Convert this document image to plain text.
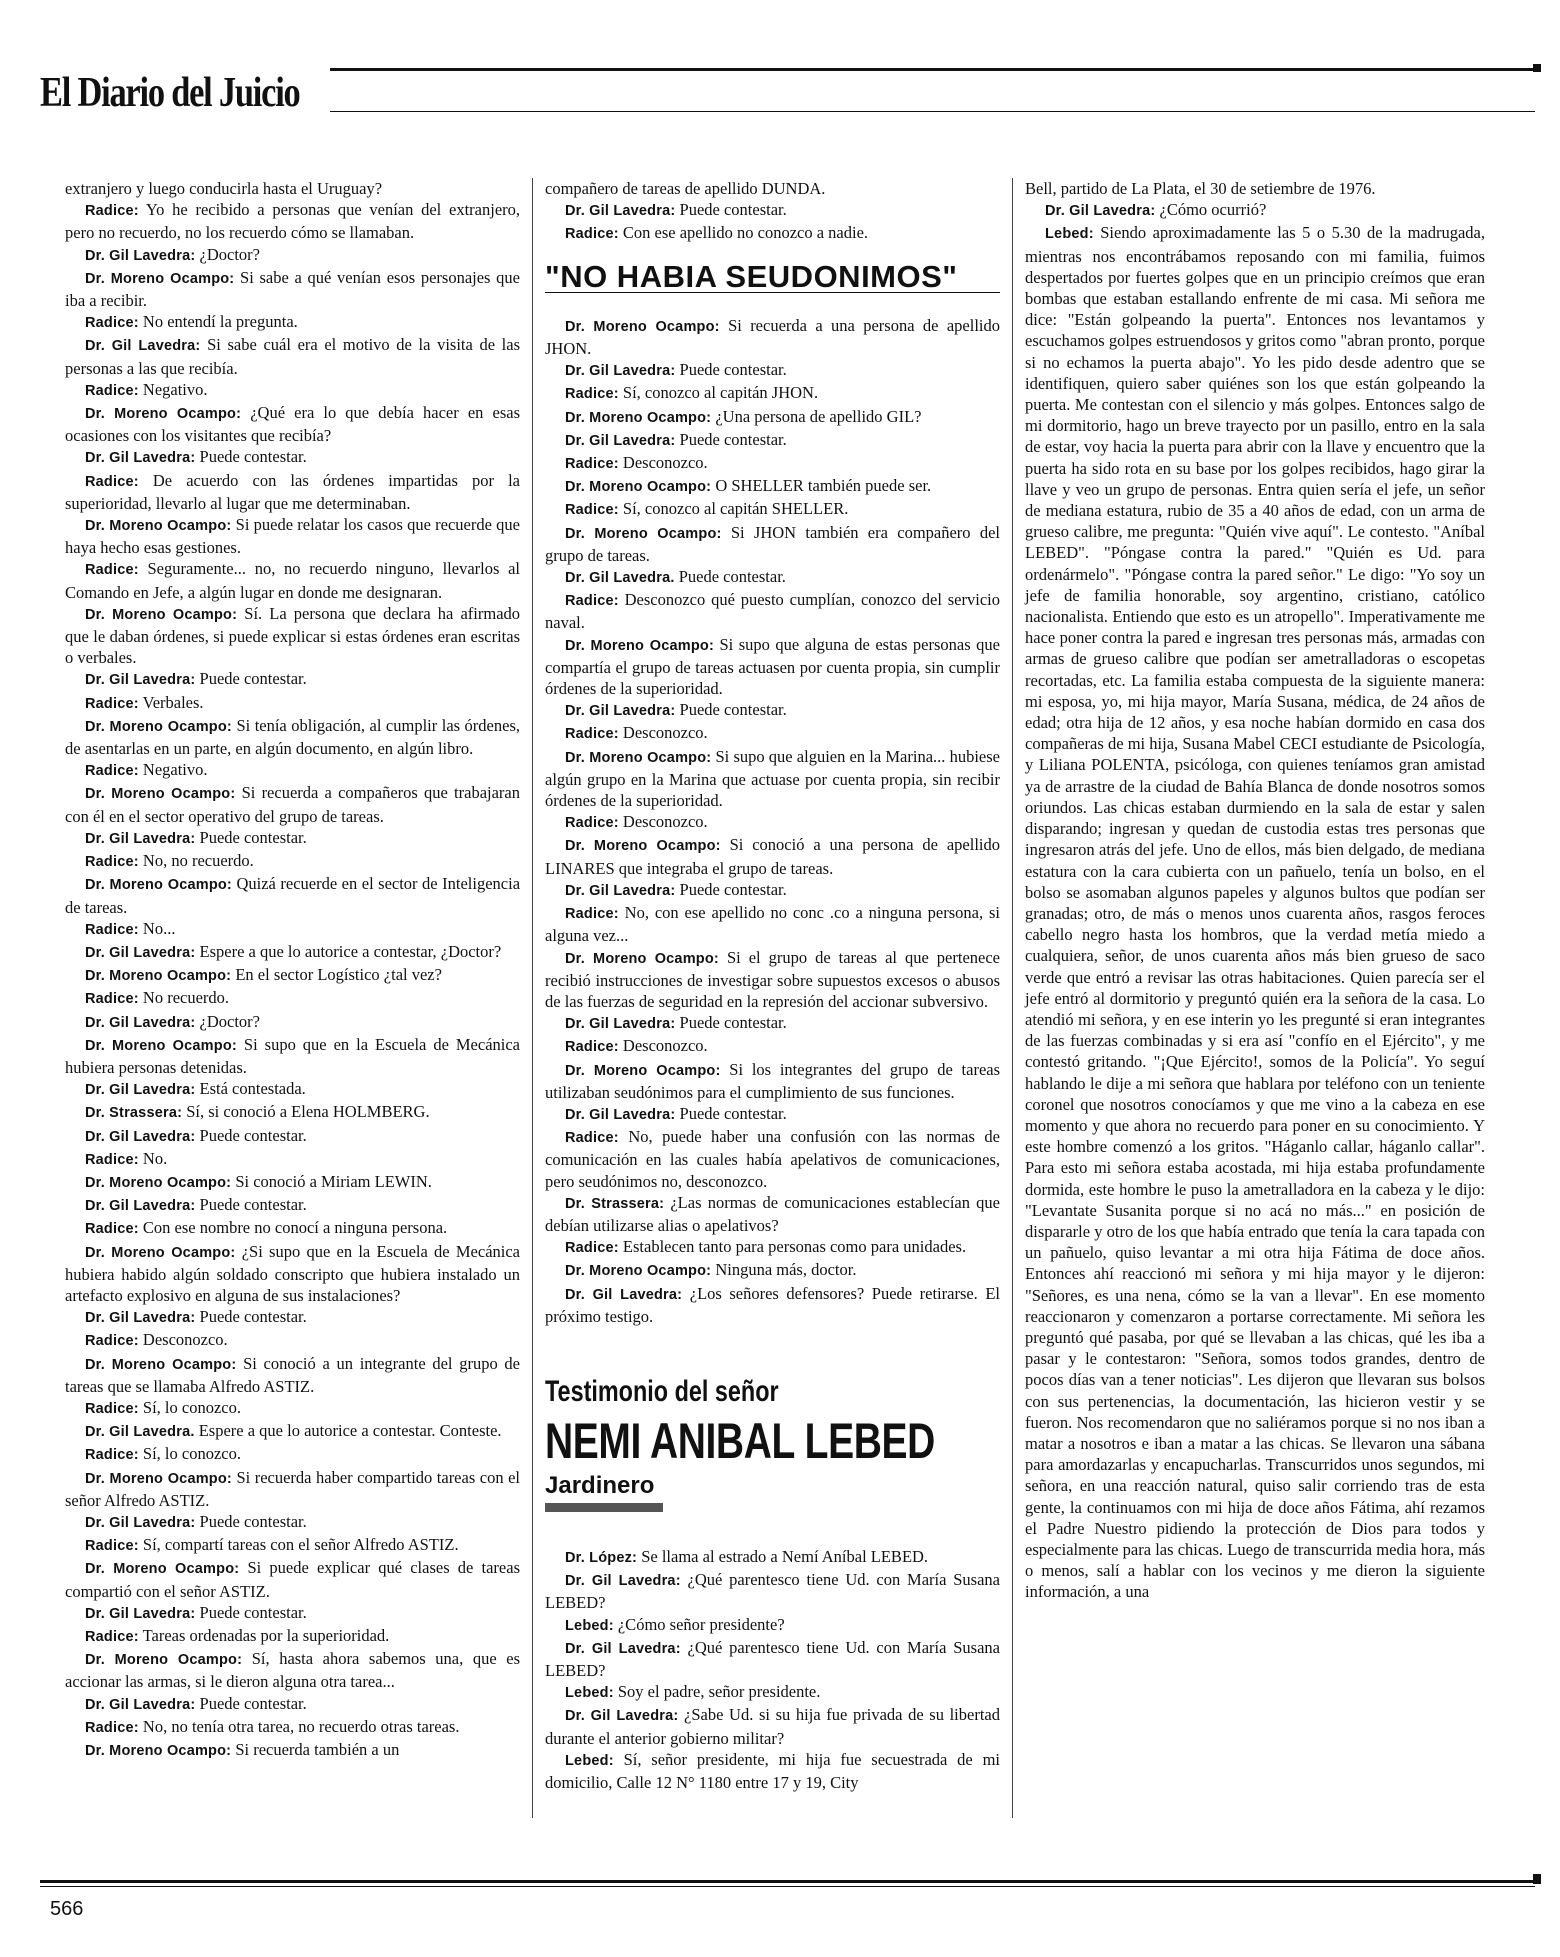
El Diario del Juicio

extranjero y luego conducirla hasta el Uruguay?

Radice: Yo he recibido a personas que venían del extranjero, pero no recuerdo, no los recuerdo cómo se llamaban.

Dr. Gil Lavedra: ¿Doctor?

Dr. Moreno Ocampo: Si sabe a qué venían esos personajes que iba a recibir.

Radice: No entendí la pregunta.

Dr. Gil Lavedra: Si sabe cuál era el motivo de la visita de las personas a las que recibía.

Radice: Negativo.

Dr. Moreno Ocampo: ¿Qué era lo que debía hacer en esas ocasiones con los visitantes que recibía?

Dr. Gil Lavedra: Puede contestar.

Radice: De acuerdo con las órdenes impartidas por la superioridad, llevarlo al lugar que me determinaban.

Dr. Moreno Ocampo: Si puede relatar los casos que recuerde que haya hecho esas gestiones.

Radice: Seguramente... no, no recuerdo ninguno, llevarlos al Comando en Jefe, a algún lugar en donde me designaran.

Dr. Moreno Ocampo: Sí. La persona que declara ha afirmado que le daban órdenes, si puede explicar si estas órdenes eran escritas o verbales.

Dr. Gil Lavedra: Puede contestar.

Radice: Verbales.

Dr. Moreno Ocampo: Si tenía obligación, al cumplir las órdenes, de asentarlas en un parte, en algún documento, en algún libro.

Radice: Negativo.

Dr. Moreno Ocampo: Si recuerda a compañeros que trabajaran con él en el sector operativo del grupo de tareas.

Dr. Gil Lavedra: Puede contestar.

Radice: No, no recuerdo.

Dr. Moreno Ocampo: Quizá recuerde en el sector de Inteligencia de tareas.

Radice: No...

Dr. Gil Lavedra: Espere a que lo autorice a contestar, ¿Doctor?

Dr. Moreno Ocampo: En el sector Logístico ¿tal vez?

Radice: No recuerdo.

Dr. Gil Lavedra: ¿Doctor?

Dr. Moreno Ocampo: Si supo que en la Escuela de Mecánica hubiera personas detenidas.

Dr. Gil Lavedra: Está contestada.

Dr. Strassera: Sí, si conoció a Elena HOLMBERG.

Dr. Gil Lavedra: Puede contestar.

Radice: No.

Dr. Moreno Ocampo: Si conoció a Miriam LEWIN.

Dr. Gil Lavedra: Puede contestar.

Radice: Con ese nombre no conocí a ninguna persona.

Dr. Moreno Ocampo: ¿Si supo que en la Escuela de Mecánica hubiera habido algún soldado conscripto que hubiera instalado un artefacto explosivo en alguna de sus instalaciones?

Dr. Gil Lavedra: Puede contestar.

Radice: Desconozco.

Dr. Moreno Ocampo: Si conoció a un integrante del grupo de tareas que se llamaba Alfredo ASTIZ.

Radice: Sí, lo conozco.

Dr. Gil Lavedra. Espere a que lo autorice a contestar. Conteste.

Radice: Sí, lo conozco.

Dr. Moreno Ocampo: Si recuerda haber compartido tareas con el señor Alfredo ASTIZ.

Dr. Gil Lavedra: Puede contestar.

Radice: Sí, compartí tareas con el señor Alfredo ASTIZ.

Dr. Moreno Ocampo: Si puede explicar qué clases de tareas compartió con el señor ASTIZ.

Dr. Gil Lavedra: Puede contestar.

Radice: Tareas ordenadas por la superioridad.

Dr. Moreno Ocampo: Sí, hasta ahora sabemos una, que es accionar las armas, si le dieron alguna otra tarea...

Dr. Gil Lavedra: Puede contestar.

Radice: No, no tenía otra tarea, no recuerdo otras tareas.

Dr. Moreno Ocampo: Si recuerda también a un

compañero de tareas de apellido DUNDA.

Dr. Gil Lavedra: Puede contestar.

Radice: Con ese apellido no conozco a nadie.

"NO HABIA SEUDONIMOS"

Dr. Moreno Ocampo: Si recuerda a una persona de apellido JHON.

Dr. Gil Lavedra: Puede contestar.

Radice: Sí, conozco al capitán JHON.

Dr. Moreno Ocampo: ¿Una persona de apellido GIL?

Dr. Gil Lavedra: Puede contestar.

Radice: Desconozco.

Dr. Moreno Ocampo: O SHELLER también puede ser.

Radice: Sí, conozco al capitán SHELLER.

Dr. Moreno Ocampo: Si JHON también era compañero del grupo de tareas.

Dr. Gil Lavedra. Puede contestar.

Radice: Desconozco qué puesto cumplían, conozco del servicio naval.

Dr. Moreno Ocampo: Si supo que alguna de estas personas que compartía el grupo de tareas actuasen por cuenta propia, sin cumplir órdenes de la superioridad.

Dr. Gil Lavedra: Puede contestar.

Radice: Desconozco.

Dr. Moreno Ocampo: Si supo que alguien en la Marina... hubiese algún grupo en la Marina que actuase por cuenta propia, sin recibir órdenes de la superioridad.

Radice: Desconozco.

Dr. Moreno Ocampo: Si conoció a una persona de apellido LINARES que integraba el grupo de tareas.

Dr. Gil Lavedra: Puede contestar.

Radice: No, con ese apellido no conc .co a ninguna persona, si alguna vez...

Dr. Moreno Ocampo: Si el grupo de tareas al que pertenece recibió instrucciones de investigar sobre supuestos excesos o abusos de las fuerzas de seguridad en la represión del accionar subversivo.

Dr. Gil Lavedra: Puede contestar.

Radice: Desconozco.

Dr. Moreno Ocampo: Si los integrantes del grupo de tareas utilizaban seudónimos para el cumplimiento de sus funciones.

Dr. Gil Lavedra: Puede contestar.

Radice: No, puede haber una confusión con las normas de comunicación en las cuales había apelativos de comunicaciones, pero seudónimos no, desconozco.

Dr. Strassera: ¿Las normas de comunicaciones establecían que debían utilizarse alias o apelativos?

Radice: Establecen tanto para personas como para unidades.

Dr. Moreno Ocampo: Ninguna más, doctor.

Dr. Gil Lavedra: ¿Los señores defensores? Puede retirarse. El próximo testigo.

Testimonio del señor
NEMI ANIBAL LEBED
Jardinero

Dr. López: Se llama al estrado a Nemí Aníbal LEBED.

Dr. Gil Lavedra: ¿Qué parentesco tiene Ud. con María Susana LEBED?

Lebed: ¿Cómo señor presidente?

Dr. Gil Lavedra: ¿Qué parentesco tiene Ud. con María Susana LEBED?

Lebed: Soy el padre, señor presidente.

Dr. Gil Lavedra: ¿Sabe Ud. si su hija fue privada de su libertad durante el anterior gobierno militar?

Lebed: Sí, señor presidente, mi hija fue secuestrada de mi domicilio, Calle 12 N° 1180 entre 17 y 19, City

Bell, partido de La Plata, el 30 de setiembre de 1976.

Dr. Gil Lavedra: ¿Cómo ocurrió?

Lebed: Siendo aproximadamente las 5 o 5.30 de la madrugada, mientras nos encontrábamos reposando con mi familia, fuimos despertados por fuertes golpes que en un principio creímos que eran bombas que estaban estallando enfrente de mi casa. Mi señora me dice: "Están golpeando la puerta". Entonces nos levantamos y escuchamos golpes estruendosos y gritos como "abran pronto, porque si no echamos la puerta abajo". Yo les pido desde adentro que se identifiquen, quiero saber quiénes son los que están golpeando la puerta. Me contestan con el silencio y más golpes. Entonces salgo de mi dormitorio, hago un breve trayecto por un pasillo, entro en la sala de estar, voy hacia la puerta para abrir con la llave y encuentro que la puerta ha sido rota en su base por los golpes recibidos, hago girar la llave y veo un grupo de personas. Entra quien sería el jefe, un señor de mediana estatura, rubio de 35 a 40 años de edad, con un arma de grueso calibre, me pregunta: "Quién vive aquí". Le contesto. "Aníbal LEBED". "Póngase contra la pared." "Quién es Ud. para ordenármelo". "Póngase contra la pared señor." Le digo: "Yo soy un jefe de familia honorable, soy argentino, cristiano, católico nacionalista. Entiendo que esto es un atropello". Imperativamente me hace poner contra la pared e ingresan tres personas más, armadas con armas de grueso calibre que podían ser ametralladoras o escopetas recortadas, etc. La familia estaba compuesta de la siguiente manera: mi esposa, yo, mi hija mayor, María Susana, médica, de 24 años de edad; otra hija de 12 años, y esa noche habían dormido en casa dos compañeras de mi hija, Susana Mabel CECI estudiante de Psicología, y Liliana POLENTA, psicóloga, con quienes teníamos gran amistad ya de arrastre de la ciudad de Bahía Blanca de donde nosotros somos oriundos. Las chicas estaban durmiendo en la sala de estar y salen disparando; ingresan y quedan de custodia estas tres personas que ingresaron atrás del jefe. Uno de ellos, más bien delgado, de mediana estatura con la cara cubierta con un pañuelo, tenía un bolso, en el bolso se asomaban algunos papeles y algunos bultos que podían ser granadas; otro, de más o menos unos cuarenta años, rasgos feroces cabello negro hasta los hombros, que la verdad metía miedo a cualquiera, señor, de unos cuarenta años más bien grueso de saco verde que entró a revisar las otras habitaciones. Quien parecía ser el jefe entró al dormitorio y preguntó quién era la señora de la casa. Lo atendió mi señora, y en ese interin yo les pregunté si eran integrantes de las fuerzas combinadas y si era así "confío en el Ejército", y me contestó gritando. "¡Que Ejército!, somos de la Policía". Yo seguí hablando le dije a mi señora que hablara por teléfono con un teniente coronel que nosotros conocíamos y que me vino a la cabeza en ese momento y que ahora no recuerdo para poner en su conocimiento. Y este hombre comenzó a los gritos. "Háganlo callar, háganlo callar". Para esto mi señora estaba acostada, mi hija estaba profundamente dormida, este hombre le puso la ametralladora en la cabeza y le dijo: "Levantate Susanita porque si no acá no más..." en posición de dispararle y otro de los que había entrado que tenía la cara tapada con un pañuelo, quiso levantar a mi otra hija Fátima de doce años. Entonces ahí reaccionó mi señora y mi hija mayor y le dijeron: "Señores, es una nena, cómo se la van a llevar". En ese momento reaccionaron y comenzaron a portarse correctamente. Mi señora les preguntó qué pasaba, por qué se llevaban a las chicas, qué les iba a pasar y le contestaron: "Señora, somos todos grandes, dentro de pocos días van a tener noticias". Les dijeron que llevaran sus bolsos con sus pertenencias, la documentación, las hicieron vestir y se fueron. Nos recomendaron que no saliéramos porque si no nos iban a matar a nosotros e iban a matar a las chicas. Se llevaron una sábana para amordazarlas y encapucharlas. Transcurridos unos segundos, mi señora, en una reacción natural, quiso salir corriendo tras de esta gente, la continuamos con mi hija de doce años Fátima, ahí rezamos el Padre Nuestro pidiendo la protección de Dios para todos y especialmente para las chicas. Luego de transcurrida media hora, más o menos, salí a hablar con los vecinos y me dieron la siguiente información, a una

566
